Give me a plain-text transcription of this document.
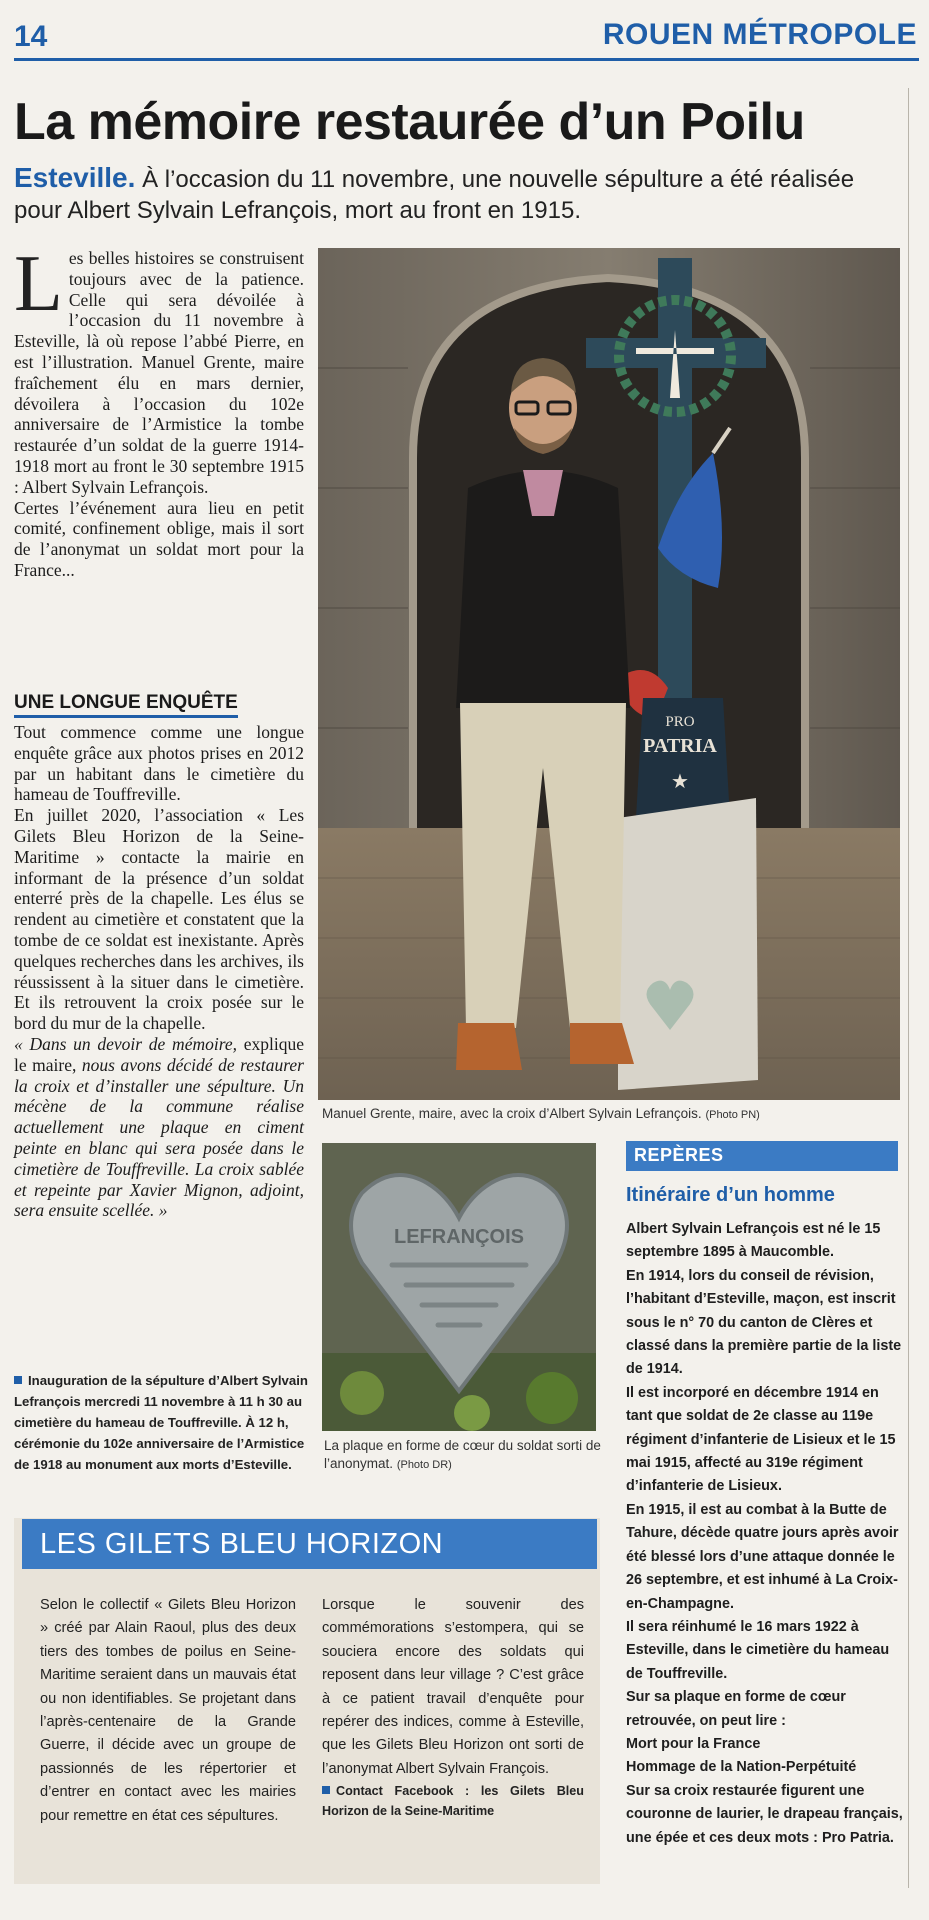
14	ROUEN MÉTROPOLE
La mémoire restaurée d’un Poilu
Esteville. À l’occasion du 11 novembre, une nouvelle sépulture a été réalisée pour Albert Sylvain Lefrançois, mort au front en 1915.
L es belles histoires se construisent toujours avec de la patience. Celle qui sera dévoilée à l’occasion du 11 novembre à Esteville, là où repose l’abbé Pierre, en est l’illustration. Manuel Grente, maire fraîchement élu en mars dernier, dévoilera à l’occasion du 102e anniversaire de l’Armistice la tombe restaurée d’un soldat de la guerre 1914-1918 mort au front le 30 septembre 1915 : Albert Sylvain Lefrançois.

Certes l’événement aura lieu en petit comité, confinement oblige, mais il sort de l’anonymat un soldat mort pour la France...

UNE LONGUE ENQUÊTE

Tout commence comme une longue enquête grâce aux photos prises en 2012 par un habitant dans le cimetière du hameau de Touffreville.

En juillet 2020, l’association « Les Gilets Bleu Horizon de la Seine-Maritime » contacte la mairie en informant de la présence d’un soldat enterré près de la chapelle. Les élus se rendent au cimetière et constatent que la tombe de ce soldat est inexistante. Après quelques recherches dans les archives, ils réussissent à la situer dans le cimetière. Et ils retrouvent la croix posée sur le bord du mur de la chapelle.

« Dans un devoir de mémoire, explique le maire, nous avons décidé de restaurer la croix et d’installer une sépulture. Un mécène de la commune réalise actuellement une plaque en ciment peinte en blanc qui sera posée dans le cimetière de Touffreville. La croix sablée et repeinte par Xavier Mignon, adjoint, sera ensuite scellée. »

Inauguration de la sépulture d’Albert Sylvain Lefrançois mercredi 11 novembre à 11 h 30 au cimetière du hameau de Touffreville. À 12 h, cérémonie du 102e anniversaire de l’Armistice de 1918 au monument aux morts d’Esteville.
PRO
PATRIA
★
Manuel Grente, maire, avec la croix d’Albert Sylvain Lefrançois. (Photo PN)
LEFRANÇOIS
La plaque en forme de cœur du soldat sorti de l’anonymat. (Photo DR)
REPÈRES
Itinéraire d’un homme

Albert Sylvain Lefrançois est né le 15 septembre 1895 à Maucomble.

En 1914, lors du conseil de révision, l’habitant d’Esteville, maçon, est inscrit sous le n° 70 du canton de Clères et classé dans la première partie de la liste de 1914.

Il est incorporé en décembre 1914 en tant que soldat de 2e classe au 119e régiment d’infanterie de Lisieux et le 15 mai 1915, affecté au 319e régiment d’infanterie de Lisieux.

En 1915, il est au combat à la Butte de Tahure, décède quatre jours après avoir été blessé lors d’une attaque donnée le 26 septembre, et est inhumé à La Croix-en-Champagne.

Il sera réinhumé le 16 mars 1922 à Esteville, dans le cimetière du hameau de Touffreville.

Sur sa plaque en forme de cœur retrouvée, on peut lire :

Mort pour la France

Hommage de la Nation-Perpétuité

Sur sa croix restaurée figurent une couronne de laurier, le drapeau français, une épée et ces deux mots : Pro Patria.

LES GILETS BLEU HORIZON
Selon le collectif « Gilets Bleu Horizon » créé par Alain Raoul, plus des deux tiers des tombes de poilus en Seine-Maritime seraient dans un mauvais état ou non identifiables. Se projetant dans l’après-centenaire de la Grande Guerre, il décide avec un groupe de passionnés de les répertorier et d’entrer en contact avec les mairies pour remettre en état ces sépultures.

Lorsque le souvenir des commémorations s’estompera, qui se souciera encore des soldats qui reposent dans leur village ? C’est grâce à ce patient travail d’enquête pour repérer des indices, comme à Esteville, que les Gilets Bleu Horizon ont sorti de l’anonymat Albert Sylvain François.

Contact Facebook : les Gilets Bleu Horizon de la Seine-Maritime
